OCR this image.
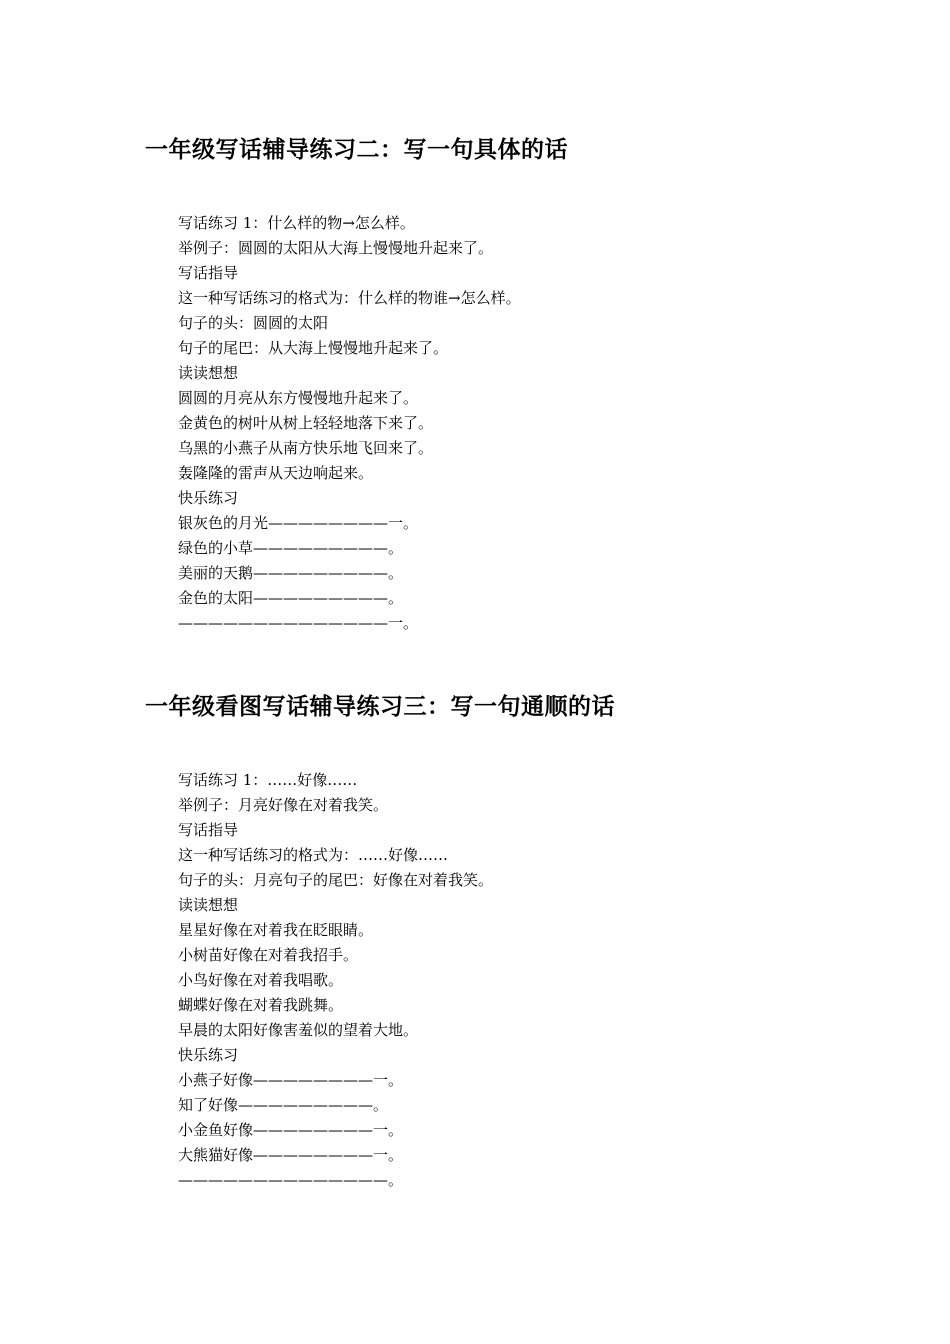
一年级写话辅导练习二：写一句具体的话
写话练习 1：什么样的物→怎么样。
举例子：圆圆的太阳从大海上慢慢地升起来了。
写话指导
这一种写话练习的格式为：什么样的物谁→怎么样。
句子的头：圆圆的太阳
句子的尾巴：从大海上慢慢地升起来了。
读读想想
圆圆的月亮从东方慢慢地升起来了。
金黄色的树叶从树上轻轻地落下来了。
乌黑的小燕子从南方快乐地飞回来了。
轰隆隆的雷声从天边响起来。
快乐练习
银灰色的月光————————一。
绿色的小草—————————。
美丽的天鹅—————————。
金色的太阳—————————。
——————————————一。
一年级看图写话辅导练习三：写一句通顺的话
写话练习 1：……好像……
举例子：月亮好像在对着我笑。
写话指导
这一种写话练习的格式为：……好像……
句子的头：月亮句子的尾巴：好像在对着我笑。
读读想想
星星好像在对着我在眨眼睛。
小树苗好像在对着我招手。
小鸟好像在对着我唱歌。
蝴蝶好像在对着我跳舞。
早晨的太阳好像害羞似的望着大地。
快乐练习
小燕子好像————————一。
知了好像—————————。
小金鱼好像————————一。
大熊猫好像————————一。
——————————————。
